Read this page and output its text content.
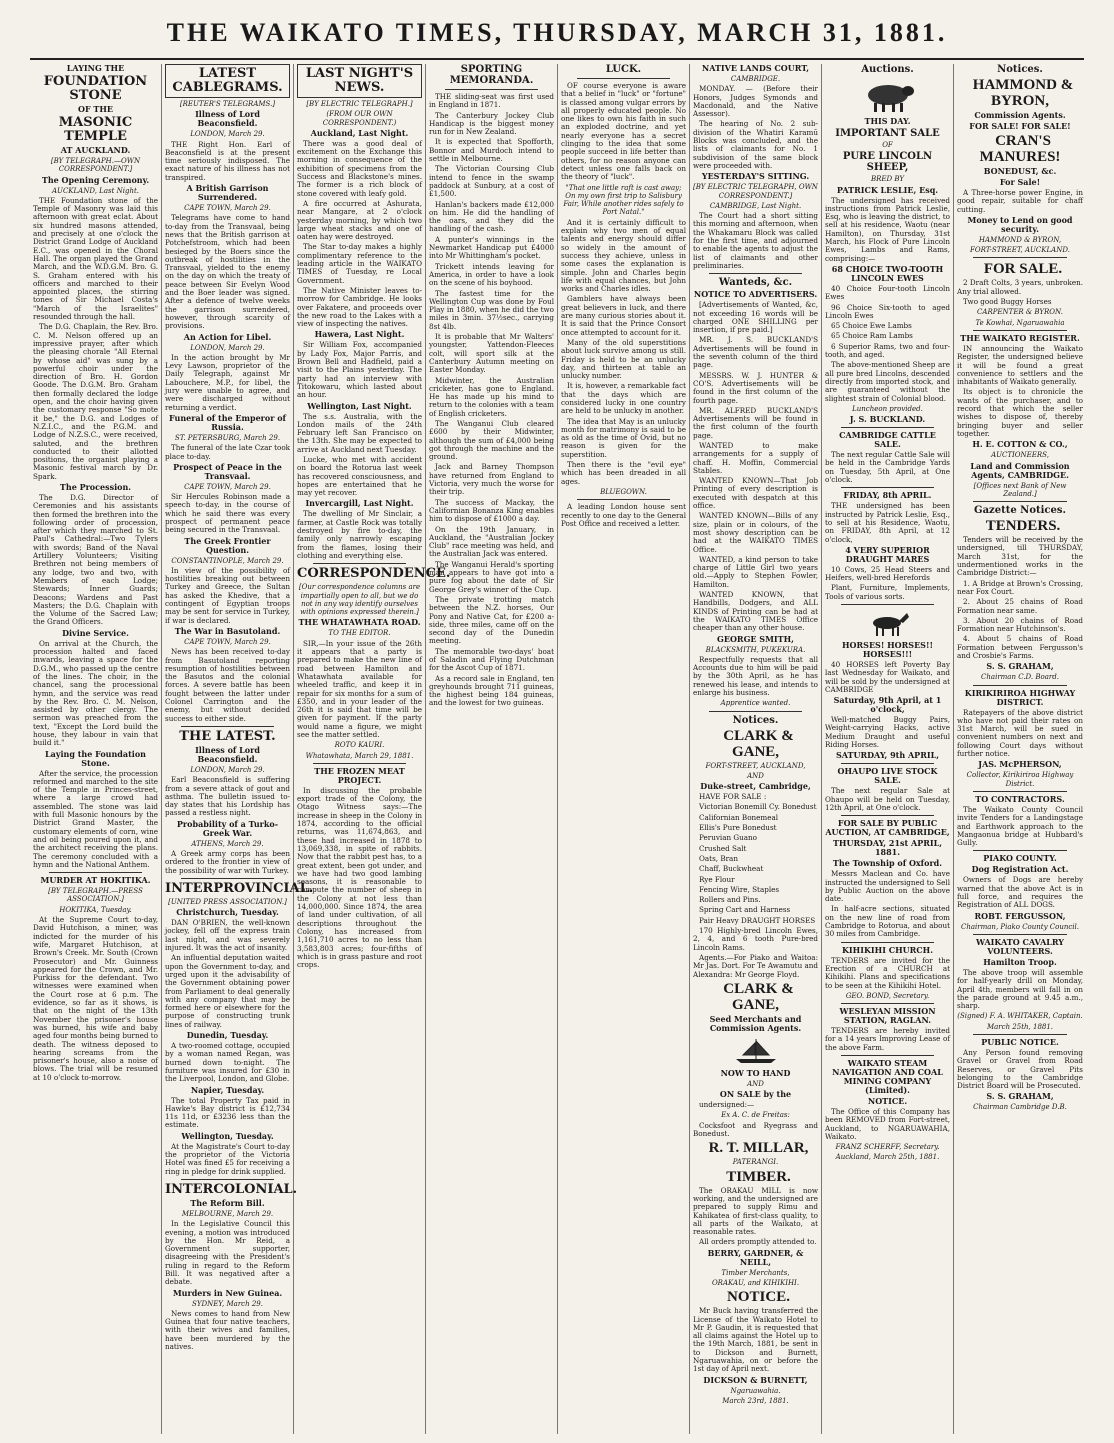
THE WAIKATO TIMES, THURSDAY, MARCH 31, 1881.

LAYING THE

FOUNDATION STONE

OF THE

MASONIC TEMPLE

AT AUCKLAND.

[BY TELEGRAPH.—OWN CORRESPONDENT.]

The Opening Ceremony.

AUCKLAND, Last Night.

THE Foundation stone of the Temple of Masonry was laid this afternoon with great eclat. About six hundred masons attended, and precisely at one o'clock the District Grand Lodge of Auckland E.C., was opened in the Choral Hall. The organ played the Grand March, and the W.D.G.M. Bro. G. S. Graham entered with his officers and marched to their appointed places, the stirring tones of Sir Michael Costa's "March of the Israelites" resounded through the hall.

The D.G. Chaplain, the Rev. Bro. C. M. Nelson offered up an impressive prayer, after which the pleasing chorale "All Eternal by whose aid" was sung by a powerful choir under the direction of Bro. H. Gordon Goode. The D.G.M. Bro. Graham then formally declared the lodge open, and the choir having given the customary response "So mote it be," the D.G. and Lodges of N.Z.I.C., and the P.G.M. and Lodge of N.Z.S.C., were received, saluted, and the brethren conducted to their allotted positions, the organist playing a Masonic festival march by Dr. Spark.

The Procession.

The D.G. Director of Ceremonies and his assistants then formed the brethren into the following order of procession, after which they marched to St. Paul's Cathedral:—Two Tylers with swords; Band of the Naval Artillery Volunteers; Visiting Brethren not being members of any lodge, two and two, with Members of each Lodge; Stewards; Inner Guards; Deacons; Wardens and Past Masters; the D.G. Chaplain with the Volume of the Sacred Law; the Grand Officers.

Divine Service.

On arrival at the Church, the procession halted and faced inwards, leaving a space for the D.G.M., who passed up the centre of the lines. The choir, in the chancel, sang the processional hymn, and the service was read by the Rev. Bro. C. M. Nelson, assisted by other clergy. The sermon was preached from the text, "Except the Lord build the house, they labour in vain that build it."

Laying the Foundation Stone.

After the service, the procession reformed and marched to the site of the Temple in Princes-street, where a large crowd had assembled. The stone was laid with full Masonic honours by the District Grand Master, the customary elements of corn, wine and oil being poured upon it, and the architect receiving the plans. The ceremony concluded with a hymn and the National Anthem.

MURDER AT HOKITIKA.

[BY TELEGRAPH.—PRESS ASSOCIATION.]

HOKITIKA, Tuesday.

At the Supreme Court to-day, David Hutchison, a miner, was indicted for the murder of his wife, Margaret Hutchison, at Brown's Creek. Mr. South (Crown Prosecutor) and Mr. Guinness appeared for the Crown, and Mr. Purkiss for the defendant. Two witnesses were examined when the Court rose at 6 p.m. The evidence, so far as it shows, is that on the night of the 13th November the prisoner's house was burned, his wife and baby aged four months being burned to death. The witness deposed to hearing screams from the prisoner's house, also a noise of blows. The trial will be resumed at 10 o'clock to-morrow.

LATEST CABLEGRAMS.

[REUTER'S TELEGRAMS.]

Illness of Lord Beaconsfield.

LONDON, March 29.

THE Right Hon. Earl of Beaconsfield is at the present time seriously indisposed. The exact nature of his illness has not transpired.

A British Garrison Surrendered.

CAPE TOWN, March 29.

Telegrams have come to hand to-day from the Transvaal, being news that the British garrison at Potchefstroom, which had been besieged by the Boers since the outbreak of hostilities in the Transvaal, yielded to the enemy on the day on which the treaty of peace between Sir Evelyn Wood and the Boer leader was signed. After a defence of twelve weeks the garrison surrendered, however, through scarcity of provisions.

An Action for Libel.

LONDON, March 29.

In the action brought by Mr Levy Lawson, proprietor of the Daily Telegraph, against Mr Labouchere, M.P., for libel, the jury were unable to agree, and were discharged without returning a verdict.

Funeral of the Emperor of Russia.

ST. PETERSBURG, March 29.

The funeral of the late Czar took place to-day.

Prospect of Peace in the Transvaal.

CAPE TOWN, March 29.

Sir Hercules Robinson made a speech to-day, in the course of which he said there was every prospect of permanent peace being secured in the Transvaal.

The Greek Frontier Question.

CONSTANTINOPLE, March 29.

In view of the possibility of hostilities breaking out between Turkey and Greece, the Sultan has asked the Khedive, that a contingent of Egyptian troops may be sent for service in Turkey, if war is declared.

The War in Basutoland.

CAPE TOWN, March 29.

News has been received to-day from Basutoland reporting resumption of hostilities between the Basutos and the colonial forces. A severe battle has been fought between the latter under Colonel Carrington and the enemy, but without decided success to either side.

THE LATEST.

Illness of Lord Beaconsfield.

LONDON, March 29.

Earl Beaconsfield is suffering from a severe attack of gout and asthma. The bulletin issued to-day states that his Lordship has passed a restless night.

Probability of a Turko-Greek War.

ATHENS, March 29.

A Greek army corps has been ordered to the frontier in view of the possibility of war with Turkey.

INTERPROVINCIAL.

[UNITED PRESS ASSOCIATION.]

Christchurch, Tuesday.

DAN O'BRIEN, the well-known jockey, fell off the express train last night, and was severely injured. It was the act of insanity.

An influential deputation waited upon the Government to-day, and urged upon it the advisability of the Government obtaining power from Parliament to deal generally with any company that may be formed here or elsewhere for the purpose of constructing trunk lines of railway.

Dunedin, Tuesday.

A two-roomed cottage, occupied by a woman named Regan, was burned down to-night. The furniture was insured for £30 in the Liverpool, London, and Globe.

Napier, Tuesday.

The total Property Tax paid in Hawke's Bay district is £12,734 11s 11d, or £3236 less than the estimate.

Wellington, Tuesday.

At the Magistrate's Court to-day the proprietor of the Victoria Hotel was fined £5 for receiving a ring in pledge for drink supplied.

INTERCOLONIAL.

The Reform Bill.

MELBOURNE, March 29.

In the Legislative Council this evening, a motion was introduced by the Hon. Mr Reid, a Government supporter, disagreeing with the President's ruling in regard to the Reform Bill. It was negatived after a debate.

Murders in New Guinea.

SYDNEY, March 29.

News comes to hand from New Guinea that four native teachers, with their wives and families, have been murdered by the natives.

LAST NIGHT'S NEWS.

[BY ELECTRIC TELEGRAPH.]

(FROM OUR OWN CORRESPONDENT.)

Auckland, Last Night.

There was a good deal of excitement on the Exchange this morning in consequence of the exhibition of specimens from the Success and Blackstone's mines. The former is a rich block of stone covered with leafy gold.

A fire occurred at Ashurata, near Mangare, at 2 o'clock yesterday morning, by which two large wheat stacks and one of oaten hay were destroyed.

The Star to-day makes a highly complimentary reference to the leading article in the WAIKATO TIMES of Tuesday, re Local Government.

The Native Minister leaves to-morrow for Cambridge. He looks over Fakatere, and proceeds over the new road to the Lakes with a view of inspecting the natives.

Hawera, Last Night.

Sir William Fox, accompanied by Lady Fox, Major Parris, and Brown Bell and Hadfield, paid a visit to the Plains yesterday. The party had an interview with Titokowaru, which lasted about an hour.

Wellington, Last Night.

The s.s. Australia, with the London mails of the 24th February left San Francisco on the 13th. She may be expected to arrive at Auckland next Tuesday.

Lucke, who met with accident on board the Rotorua last week has recovered consciousness, and hopes are entertained that he may yet recover.

Invercargill, Last Night.

The dwelling of Mr Sinclair, a farmer, at Castle Rock was totally destroyed by fire to-day, the family only narrowly escaping from the flames, losing their clothing and everything else.

CORRESPONDENCE.

[Our correspondence columns are impartially open to all, but we do not in any way identify ourselves with opinions expressed therein.]

THE WHATAWHATA ROAD.

TO THE EDITOR.

SIR,—In your issue of the 26th it appears that a party is prepared to make the new line of road between Hamilton and Whatawhata available for wheeled traffic, and keep it in repair for six months for a sum of £350, and in your leader of the 26th it is said that time will be given for payment. If the party would name a figure, we might see the matter settled.

ROTO KAURI.

Whatawhata, March 29, 1881.

THE FROZEN MEAT PROJECT.

In discussing the probable export trade of the Colony, the Otago Witness says:—The increase in sheep in the Colony in 1874, according to the official returns, was 11,674,863, and these had increased in 1878 to 13,069,338, in spite of rabbits. Now that the rabbit pest has, to a great extent, been got under, and we have had two good lambing seasons, it is reasonable to compute the number of sheep in the Colony at not less than 14,000,000. Since 1874, the area of land under cultivation, of all descriptions throughout the Colony, has increased from 1,161,710 acres to no less than 3,583,803 acres; four-fifths of which is in grass pasture and root crops.

SPORTING MEMORANDA.

THE sliding-seat was first used in England in 1871.

The Canterbury Jockey Club Handicap is the biggest money run for in New Zealand.

It is expected that Spofforth, Bonnor and Murdoch intend to settle in Melbourne.

The Victorian Coursing Club intend to fence in the swamp paddock at Sunbury, at a cost of £1,500.

Hanlan's backers made £12,000 on him. He did the handling of the oars, and they did the handling of the cash.

A punter's winnings in the Newmarket Handicap put £4000 into Mr Whittingham's pocket.

Trickett intends leaving for America, in order to have a look on the scene of his boyhood.

The fastest time for the Wellington Cup was done by Foul Play in 1880, when he did the two miles in 3min. 37½sec., carrying 8st 4lb.

It is probable that Mr Walters' youngster, Yattendon-Fleeces colt, will sport silk at the Canterbury Autumn meeting on Easter Monday.

Midwinter, the Australian cricketer, has gone to England. He has made up his mind to return to the colonies with a team of English cricketers.

The Wanganui Club cleared £600 by their Midwinter, although the sum of £4,000 being got through the machine and the ground.

Jack and Barney Thompson have returned from England to Victoria, very much the worse for their trip.

The success of Mackay, the Californian Bonanza King enables him to dispose of £1000 a day.

On the 19th January, in Auckland, the "Australian Jockey Club" race meeting was held, and the Australian Jack was entered.

The Wanganui Herald's sporting man appears to have got into a pure fog about the date of Sir George Grey's winner of the Cup.

The private trotting match between the N.Z. horses, Our Pony and Native Cat, for £200 a-side, three miles, came off on the second day of the Dunedin meeting.

The memorable two-days' boat of Saladin and Flying Dutchman for the Ascot Cup of 1871.

As a record sale in England, ten greyhounds brought 711 guineas, the highest being 184 guineas, and the lowest for two guineas.

LUCK.

OF course everyone is aware that a belief in "luck" or "fortune" is classed among vulgar errors by all properly educated people. No one likes to own his faith in such an exploded doctrine, and yet nearly everyone has a secret clinging to the idea that some people succeed in life better than others, for no reason anyone can detect unless one falls back on the theory of "luck".

"That one little raft is cast away; On my own first trip to Salisbury Fair, While another rides safely to Port Natal."

And it is certainly difficult to explain why two men of equal talents and energy should differ so widely in the amount of success they achieve, unless in some cases the explanation is simple. John and Charles begin life with equal chances, but John works and Charles idles.

Gamblers have always been great believers in luck, and there are many curious stories about it. It is said that the Prince Consort once attempted to account for it.

Many of the old superstitions about luck survive among us still. Friday is held to be an unlucky day, and thirteen at table an unlucky number.

It is, however, a remarkable fact that the days which are considered lucky in one country are held to be unlucky in another.

The idea that May is an unlucky month for matrimony is said to be as old as the time of Ovid, but no reason is given for the superstition.

Then there is the "evil eye" which has been dreaded in all ages.

BLUEGOWN.

A leading London house sent recently to one day to the General Post Office and received a letter.

NATIVE LANDS COURT,

CAMBRIDGE.

MONDAY. — (Before their Honors, Judges Symonds and Macdonald, and the Native Assessor).

The hearing of No. 2 sub-division of the Whatiri Karamū Blocks was concluded, and the lists of claimants for No. 1 subdivision of the same block were proceeded with.

YESTERDAY'S SITTING.

[BY ELECTRIC TELEGRAPH, OWN CORRESPONDENT.]

CAMBRIDGE, Last Night.

The Court had a short sitting this morning and afternoon, when the Whakamaru Block was called for the first time, and adjourned to enable the agents to adjust the list of claimants and other preliminaries.

Wanteds, &c.

NOTICE TO ADVERTISERS.

[Advertisements of Wanted, &c, not exceeding 16 words will be charged ONE SHILLING per insertion, if pre paid.]

MR. J. S. BUCKLAND'S Advertisements will be found in the seventh column of the third page.

MESSRS. W. J. HUNTER & CO'S. Advertisements will be found in the first column of the fourth page.

MR. ALFRED BUCKLAND'S Advertisements will be found in the first column of the fourth page.

WANTED to make arrangements for a supply of chaff. H. Moffin, Commercial Stables.

WANTED KNOWN—That Job Printing of every description is executed with despatch at this office.

WANTED KNOWN—Bills of any size, plain or in colours, of the most showy description can be had at the WAIKATO TIMES Office.

WANTED, a kind person to take charge of Little Girl two years old.—Apply to Stephen Fowler, Hamilton.

WANTED KNOWN, that Handbills, Dodgers, and ALL KINDS of Printing can be had at the WAIKATO TIMES Office cheaper than any other house.

GEORGE SMITH,

BLACKSMITH, PUKEKURA.

Respectfully requests that all Accounts due to him will be paid by the 30th April, as he has renewed his lease, and intends to enlarge his business.

Apprentice wanted.

Notices.

CLARK & GANE,

FORT-STREET, AUCKLAND,

AND

Duke-street, Cambridge,

HAVE FOR SALE :

Victorian Bonemill Cy. Bonedust

Californian Bonemeal

Ellis's Pure Bonedust

Peruvian Guano

Crushed Salt

Oats, Bran

Chaff, Buckwheat

Rye Flour

Fencing Wire, Staples

Rollers and Pins.

Spring Cart and Harness

Pair Heavy DRAUGHT HORSES

170 Highly-bred Lincoln Ewes, 2, 4, and 6 tooth Pure-bred Lincoln Rams.

Agents.—For Piako and Waitoa: Mr Jas. Dort. For Te Awamutu and Alexandra: Mr George Floyd.

CLARK & GANE,

Seed Merchants and Commission Agents.

NOW TO HAND

AND

ON SALE by the

undersigned:—

Ex A. C. de Freitas:

Cocksfoot and Ryegrass and Bonedust.

R. T. MILLAR,

PATERANGI.

TIMBER.

The ORAKAU MILL is now working, and the undersigned are prepared to supply Rimu and Kahikatea of first-class quality, to all parts of the Waikato, at reasonable rates.

All orders promptly attended to.

BERRY, GARDNER, & NEILL,

Timber Merchants,

ORAKAU, and KIHIKIHI.

NOTICE.

Mr Buck having transferred the License of the Waikato Hotel to Mr P. Gaudin, it is requested that all claims against the Hotel up to the 19th March, 1881, be sent in to Dickson and Burnett, Ngaruawahia, on or before the 1st day of April next.

DICKSON & BURNETT,

Ngaruawahia.

March 23rd, 1881.

Auctions.

THIS DAY.

IMPORTANT SALE

OF

PURE LINCOLN SHEEP,

BRED BY

PATRICK LESLIE, Esq.

The undersigned has received instructions from Patrick Leslie, Esq, who is leaving the district, to sell at his residence, Waotu (near Hamilton), on Thursday, 31st March, his Flock of Pure Lincoln Ewes, Lambs and Rams, comprising:—

68 CHOICE TWO-TOOTH LINCOLN EWES

40 Choice Four-tooth Lincoln Ewes

96 Choice Six-tooth to aged Lincoln Ewes

65 Choice Ewe Lambs

65 Choice Ram Lambs

6 Superior Rams, two and four-tooth, and aged.

The above-mentioned Sheep are all pure bred Lincolns, descended directly from imported stock, and are guaranteed without the slightest strain of Colonial blood.

Luncheon provided.

J. S. BUCKLAND.

CAMBRIDGE CATTLE SALE.

The next regular Cattle Sale will be held in the Cambridge Yards on Tuesday, 5th April, at One o'clock.

FRIDAY, 8th APRIL.

THE undersigned has been instructed by Patrick Leslie, Esq., to sell at his Residence, Waotu, on FRIDAY, 8th April, at 12 o'clock,

4 VERY SUPERIOR DRAUGHT MARES

10 Cows, 25 Head Steers and Heifers, well-bred Herefords

Plant, Furniture, Implements, Tools of various sorts.

HORSES! HORSES!! HORSES!!!

40 HORSES left Poverty Bay last Wednesday for Waikato, and will be sold by the undersigned at CAMBRIDGE

Saturday, 9th April, at 1 o'clock,

Well-matched Buggy Pairs, Weight-carrying Hacks, active Medium Draught and useful Riding Horses.

SATURDAY, 9th APRIL,

OHAUPO LIVE STOCK SALE.

The next regular Sale at Ohaupo will be held on Tuesday, 12th April, at One o'clock.

FOR SALE BY PUBLIC AUCTION, AT CAMBRIDGE,

THURSDAY, 21st APRIL, 1881.

The Township of Oxford.

Messrs Maclean and Co. have instructed the undersigned to Sell by Public Auction on the above date.

In half-acre sections, situated on the new line of road from Cambridge to Rotorua, and about 30 miles from Cambridge.

KIHIKIHI CHURCH.

TENDERS are invited for the Erection of a CHURCH at Kihikihi. Plans and specifications to be seen at the Kihikihi Hotel.

GEO. BOND, Secretary.

WESLEYAN MISSION STATION, RAGLAN.

TENDERS are hereby invited for a 14 years Improving Lease of the above Farm.

WAIKATO STEAM NAVIGATION AND COAL MINING COMPANY (Limited).

NOTICE.

The Office of this Company has been REMOVED from Fort-street, Auckland, to NGARUAWAHIA, Waikato.

FRANZ SCHERFF, Secretary.

Auckland, March 25th, 1881.

Notices.

HAMMOND & BYRON,

Commission Agents.

FOR SALE! FOR SALE!

CRAN'S MANURES!

BONEDUST, &c.

For Sale!

A Three-horse power Engine, in good repair, suitable for chaff cutting.

Money to Lend on good security.

HAMMOND & BYRON,

FORT-STREET, AUCKLAND.

FOR SALE.

2 Draft Colts, 3 years, unbroken. Any trial allowed.

Two good Buggy Horses

CARPENTER & BYRON.

Te Kowhai, Ngaruawahia

THE WAIKATO REGISTER.

IN announcing the Waikato Register, the undersigned believe it will be found a great convenience to settlers and the inhabitants of Waikato generally.

Its object is to chronicle the wants of the purchaser, and to record that which the seller wishes to dispose of, thereby bringing buyer and seller together.

H. E. COTTON & CO.,

AUCTIONEERS,

Land and Commission Agents, CAMBRIDGE.

[Offices next Bank of New Zealand.]

Gazette Notices.

TENDERS.

Tenders will be received by the undersigned, till THURSDAY, March 31st, for the undermentioned works in the Cambridge District:—

1. A Bridge at Brown's Crossing, near Fox Court.

2. About 25 chains of Road Formation near same.

3. About 20 chains of Road Formation near Hutchinson's.

4. About 5 chains of Road Formation between Fergusson's and Crosbie's Farms.

S. S. GRAHAM,

Chairman C.D. Board.

KIRIKIRIROA HIGHWAY DISTRICT.

Ratepayers of the above district who have not paid their rates on 31st March, will be sued in convenient numbers on next and following Court days without further notice.

JAS. McPHERSON,

Collector, Kirikiriroa Highway District.

TO CONTRACTORS.

The Waikato County Council invite Tenders for a Landingstage and Earthwork approach to the Mangaonua bridge at Hubbard's Gully.

PIAKO COUNTY.

Dog Registration Act.

Owners of Dogs are hereby warned that the above Act is in full force, and requires the Registration of ALL DOGS.

ROBT. FERGUSSON,

Chairman, Piako County Council.

WAIKATO CAVALRY VOLUNTEERS.

Hamilton Troop.

The above troop will assemble for half-yearly drill on Monday, April 4th, members will fall in on the parade ground at 9.45 a.m., sharp.

(Signed) F. A. WHITAKER, Captain.

March 25th, 1881.

PUBLIC NOTICE.

Any Person found removing Gravel or Gravel from Road Reserves, or Gravel Pits belonging to the Cambridge District Board will be Prosecuted.

S. S. GRAHAM,

Chairman Cambridge D.B.
